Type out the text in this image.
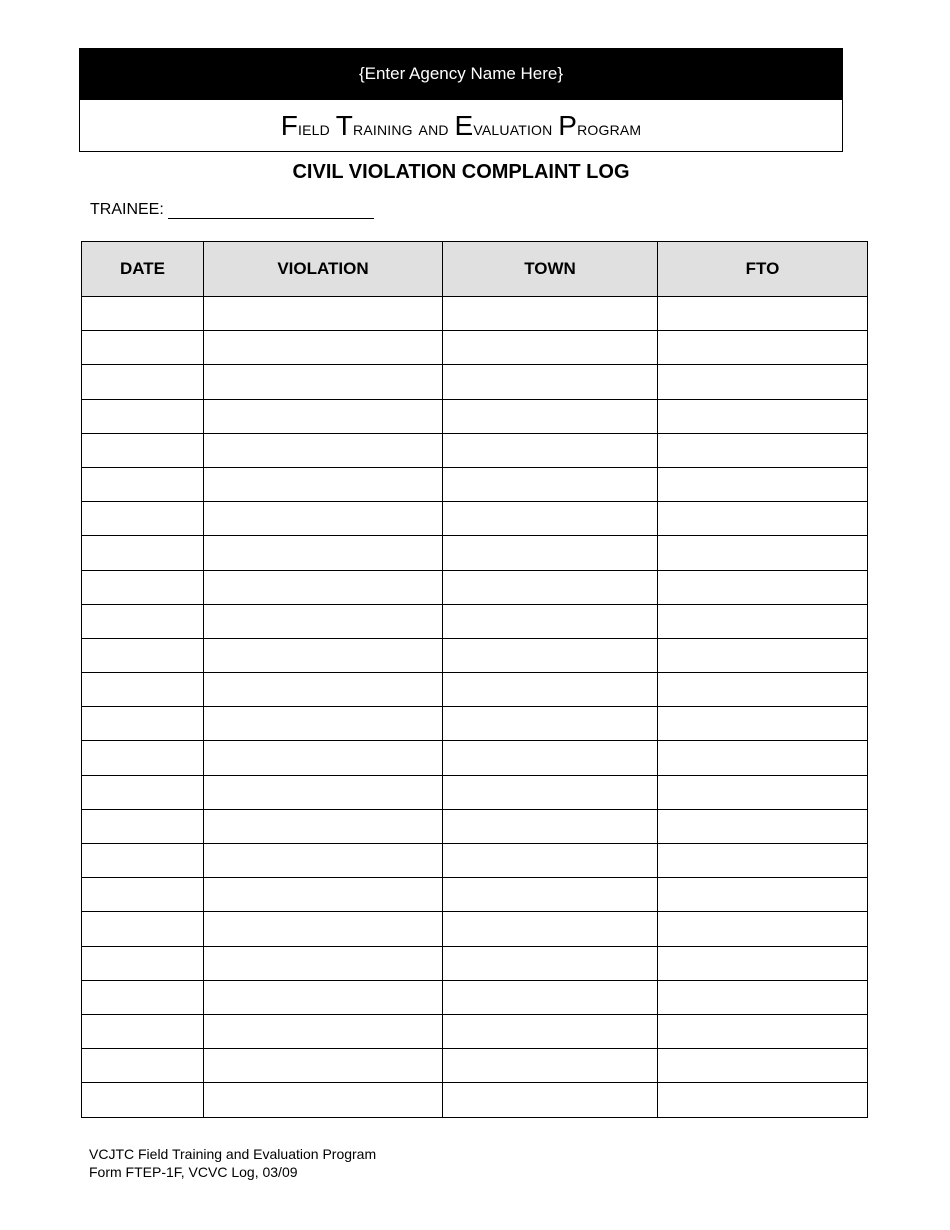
{Enter Agency Name Here}
Field Training and Evaluation Program
CIVIL VIOLATION COMPLAINT LOG
TRAINEE:
DATE	VIOLATION	TOWN	FTO

VCJTC Field Training and Evaluation Program
Form FTEP-1F, VCVC Log, 03/09
